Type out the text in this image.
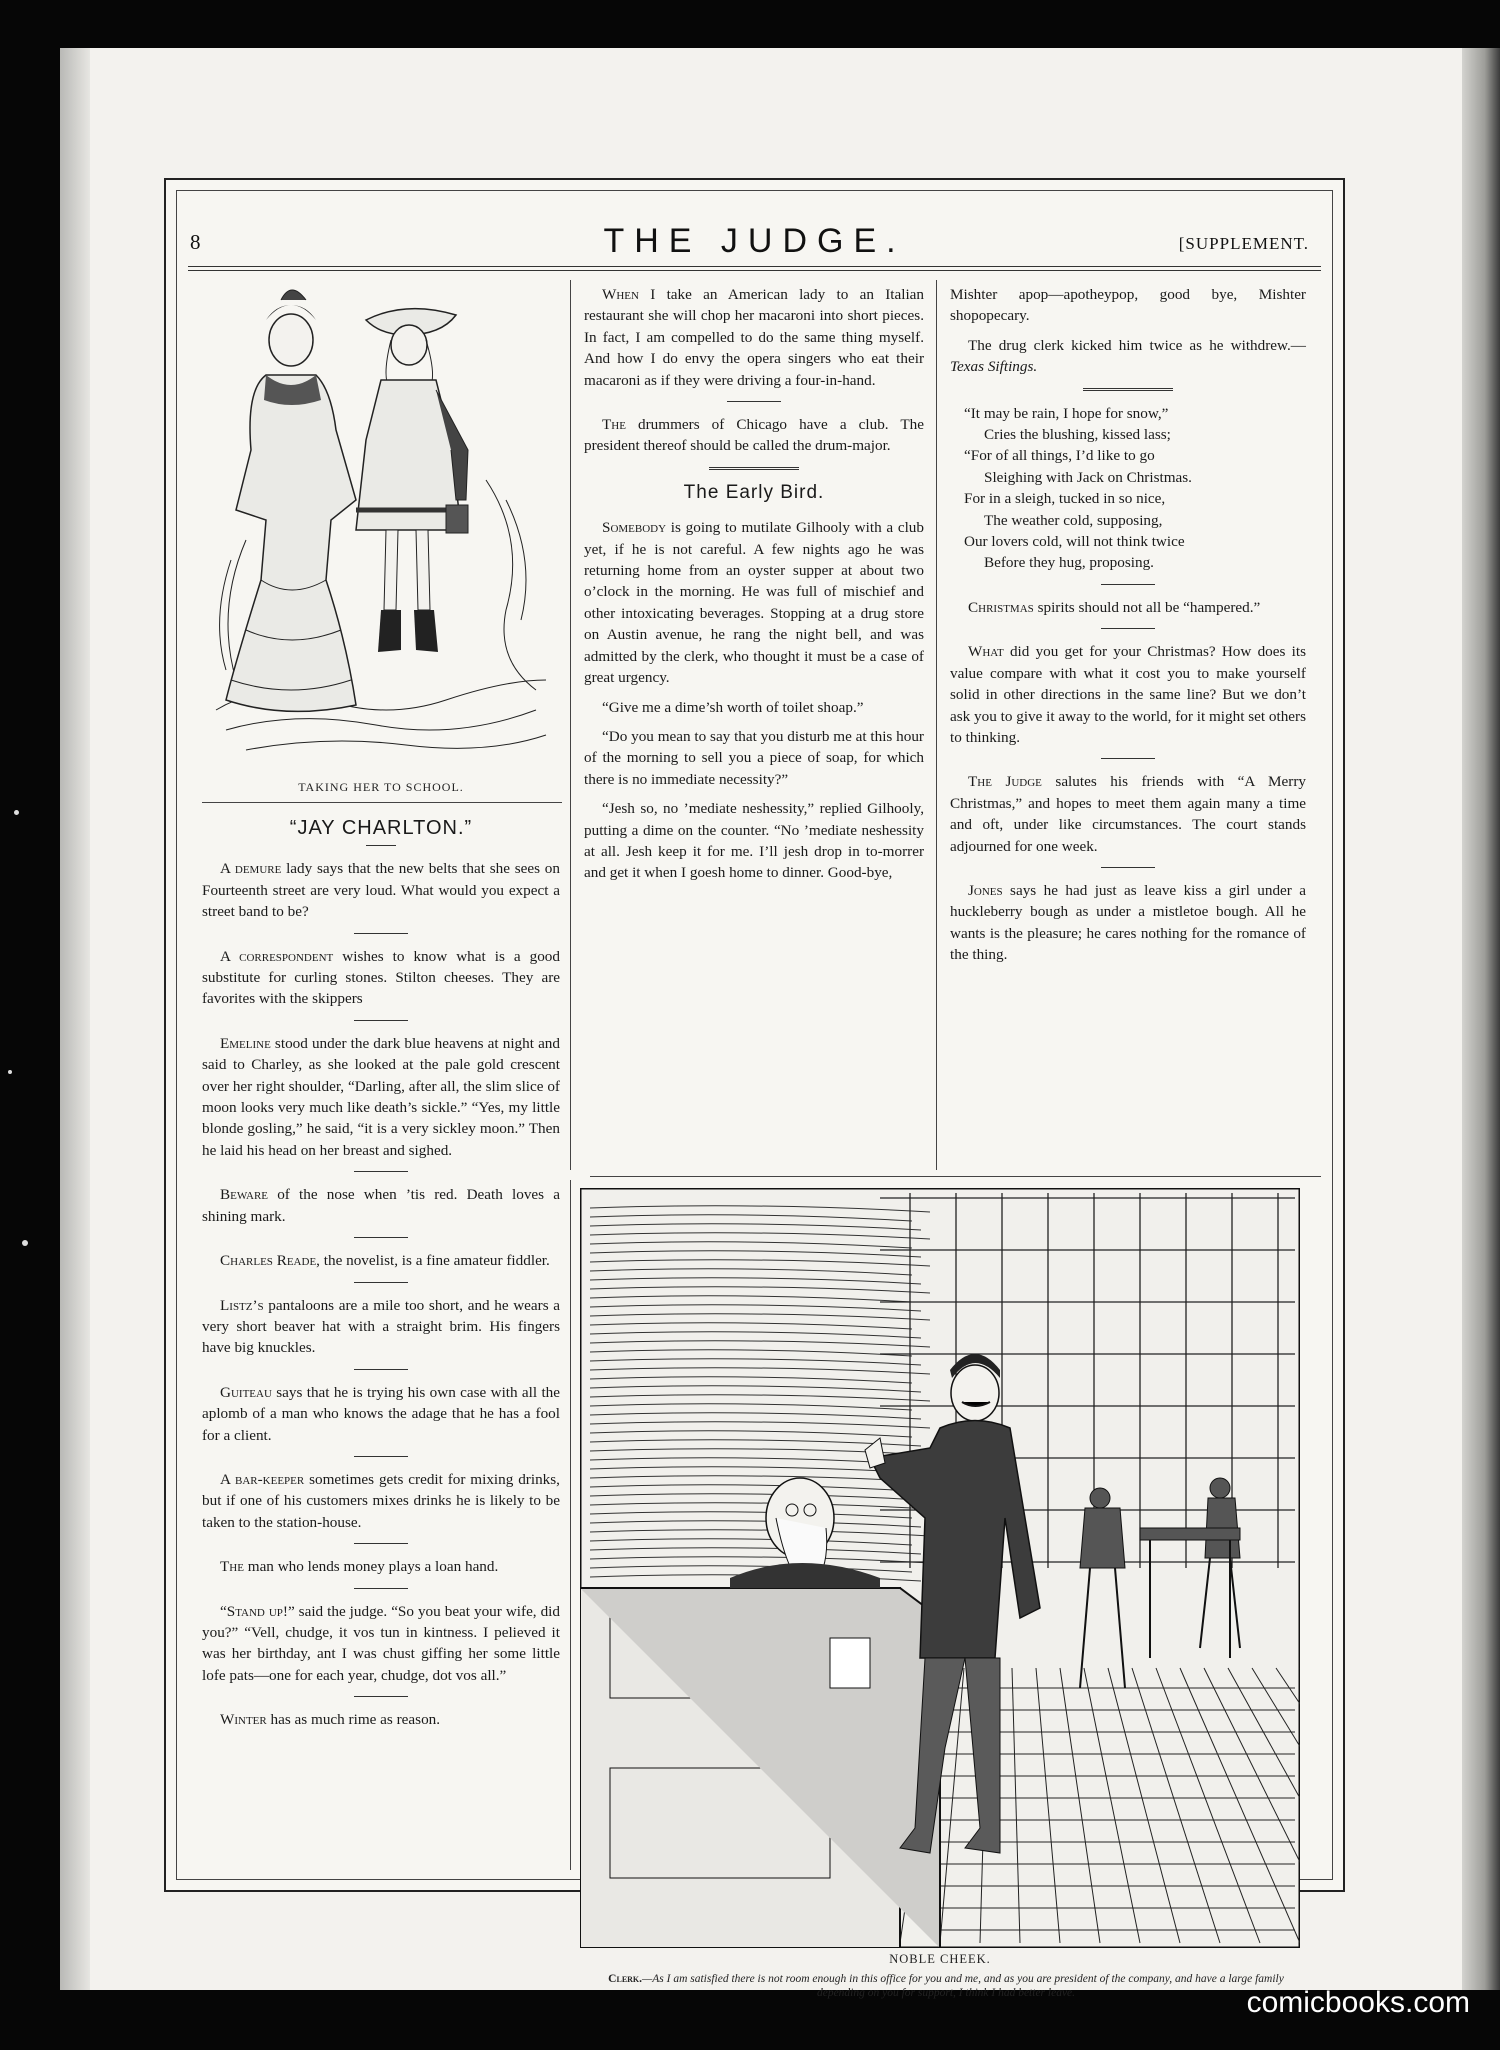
8	THE JUDGE.	[SUPPLEMENT.
TAKING HER TO SCHOOL.
“JAY CHARLTON.”

A demure lady says that the new belts that she sees on Fourteenth street are very loud. What would you expect a street band to be?

A correspondent wishes to know what is a good substitute for curling stones. Stilton cheeses. They are favorites with the skippers

Emeline stood under the dark blue heavens at night and said to Charley, as she looked at the pale gold crescent over her right shoulder, “Darling, after all, the slim slice of moon looks very much like death’s sickle.” “Yes, my little blonde gosling,” he said, “it is a very sickley moon.” Then he laid his head on her breast and sighed.

Beware of the nose when ’tis red. Death loves a shining mark.

Charles Reade, the novelist, is a fine amateur fiddler.

Listz’s pantaloons are a mile too short, and he wears a very short beaver hat with a straight brim. His fingers have big knuckles.

Guiteau says that he is trying his own case with all the aplomb of a man who knows the adage that he has a fool for a client.

A bar-keeper sometimes gets credit for mixing drinks, but if one of his customers mixes drinks he is likely to be taken to the station-house.

The man who lends money plays a loan hand.

“Stand up!” said the judge. “So you beat your wife, did you?” “Vell, chudge, it vos tun in kintness. I pelieved it was her birthday, ant I was chust giffing her some little lofe pats—one for each year, chudge, dot vos all.”

Winter has as much rime as reason.

When I take an American lady to an Italian restaurant she will chop her macaroni into short pieces. In fact, I am compelled to do the same thing myself. And how I do envy the opera singers who eat their macaroni as if they were driving a four-in-hand.

The drummers of Chicago have a club. The president thereof should be called the drum-major.

The Early Bird.

Somebody is going to mutilate Gilhooly with a club yet, if he is not careful. A few nights ago he was returning home from an oyster supper at about two o’clock in the morning. He was full of mischief and other intoxicating beverages. Stopping at a drug store on Austin avenue, he rang the night bell, and was admitted by the clerk, who thought it must be a case of great urgency.

“Give me a dime’sh worth of toilet shoap.”

“Do you mean to say that you disturb me at this hour of the morning to sell you a piece of soap, for which there is no immediate necessity?”

“Jesh so, no ’mediate neshessity,” replied Gilhooly, putting a dime on the counter. “No ’mediate neshessity at all. Jesh keep it for me. I’ll jesh drop in to-morrer and get it when I goesh home to dinner. Good-bye,

Mishter apop—apotheypop, good bye, Mishter shopopecary.

The drug clerk kicked him twice as he withdrew.—Texas Siftings.

“It may be rain, I hope for snow,”
Cries the blushing, kissed lass;
“For of all things, I’d like to go
Sleighing with Jack on Christmas.
For in a sleigh, tucked in so nice,
The weather cold, supposing,
Our lovers cold, will not think twice
Before they hug, proposing.

Christmas spirits should not all be “hampered.”

What did you get for your Christmas? How does its value compare with what it cost you to make yourself solid in other directions in the same line? But we don’t ask you to give it away to the world, for it might set others to thinking.

The Judge salutes his friends with “A Merry Christmas,” and hopes to meet them again many a time and oft, under like circumstances. The court stands adjourned for one week.

Jones says he had just as leave kiss a girl under a huckleberry bough as under a mistletoe bough. All he wants is the pleasure; he cares nothing for the romance of the thing.

NOBLE CHEEK.
Clerk.—As I am satisfied there is not room enough in this office for you and me, and as you are president of the company, and have a large family depending on you for support, I think I had better leave.	comicbooks.com
